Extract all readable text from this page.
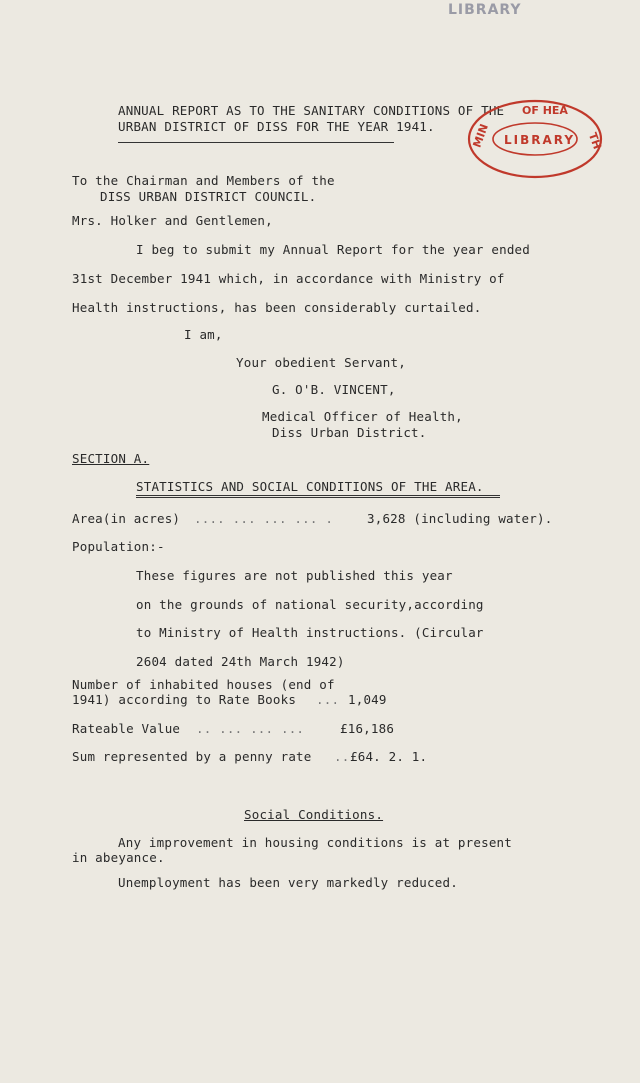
LIBRARY
ANNUAL REPORT AS TO THE SANITARY CONDITIONS OF THE
URBAN DISTRICT OF DISS FOR THE YEAR 1941.
OF HEA
MIN	TH
LIBRARY
To the Chairman and Members of the
DISS URBAN DISTRICT COUNCIL.
Mrs. Holker and Gentlemen,
I beg to submit my Annual Report for the year ended
31st December 1941 which, in accordance with Ministry of
Health instructions, has been considerably curtailed.
I am,
Your obedient Servant,
G. O'B. VINCENT,
Medical Officer of Health,
Diss Urban District.
SECTION A.
STATISTICS AND SOCIAL CONDITIONS OF THE AREA.
Area(in acres) .... ... ... ... .	3,628 (including water).
Population:-
These figures are not published this year
on the grounds of national security,according
to Ministry of Health instructions. (Circular
2604 dated 24th March 1942)
Number of inhabited houses (end of
1941) according to Rate Books ... 1,049
Rateable Value .. ... ... ...	£16,186
Sum represented by a penny rate .. £64. 2. 1.
Social Conditions.
Any improvement in housing conditions is at present
in abeyance.
Unemployment has been very markedly reduced.
